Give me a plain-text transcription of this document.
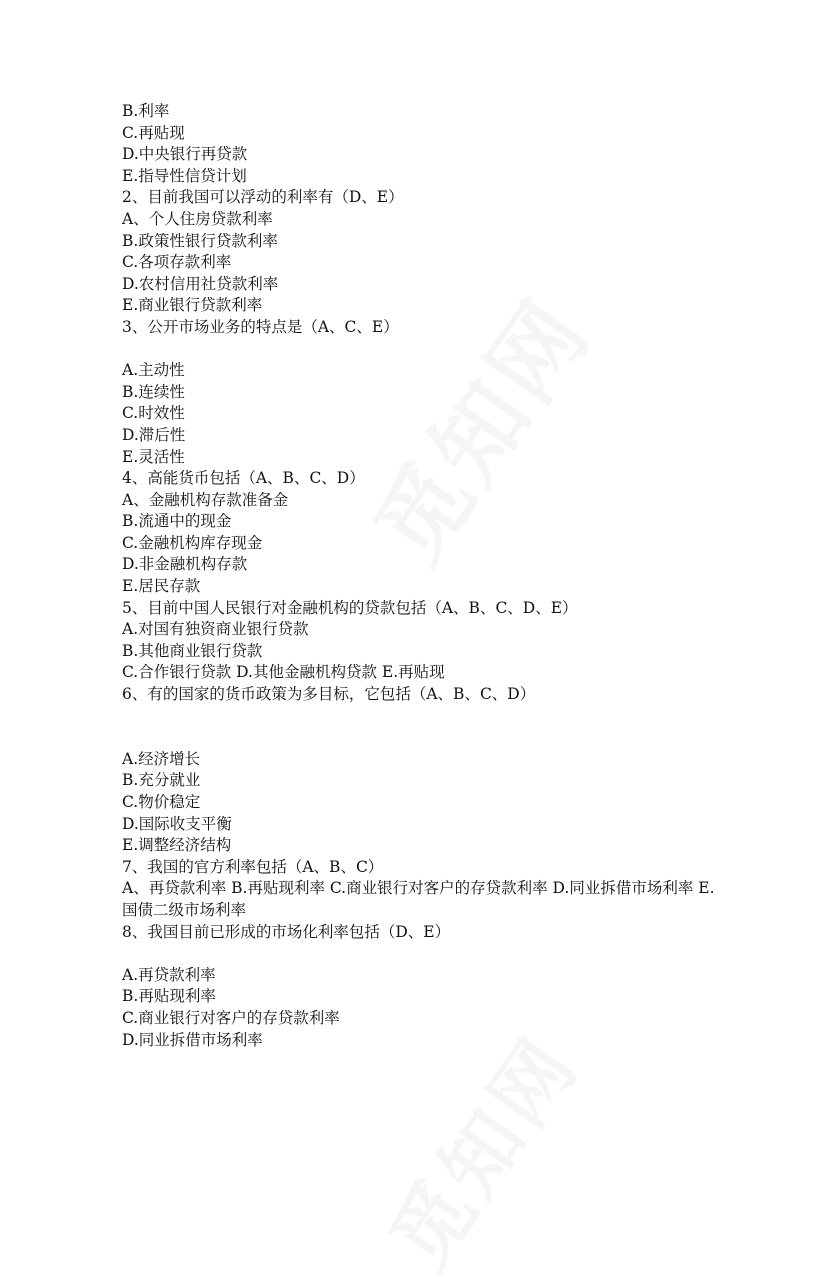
觅知网
觅知网
B.利率
C.再贴现
D.中央银行再贷款
E.指导性信贷计划
2、目前我国可以浮动的利率有（D、E）
A、个人住房贷款利率
B.政策性银行贷款利率
C.各项存款利率
D.农村信用社贷款利率
E.商业银行贷款利率
3、公开市场业务的特点是（A、C、E）
A.主动性
B.连续性
C.时效性
D.滞后性
E.灵活性
4、高能货币包括（A、B、C、D）
A、金融机构存款准备金
B.流通中的现金
C.金融机构库存现金
D.非金融机构存款
E.居民存款
5、目前中国人民银行对金融机构的贷款包括（A、B、C、D、E）
A.对国有独资商业银行贷款
B.其他商业银行贷款
C.合作银行贷款 D.其他金融机构贷款 E.再贴现
6、有的国家的货币政策为多目标，它包括（A、B、C、D）
A.经济增长
B.充分就业
C.物价稳定
D.国际收支平衡
E.调整经济结构
7、我国的官方利率包括（A、B、C）
A、再贷款利率 B.再贴现利率 C.商业银行对客户的存贷款利率 D.同业拆借市场利率 E.国债二级市场利率
8、我国目前已形成的市场化利率包括（D、E）
A.再贷款利率
B.再贴现利率
C.商业银行对客户的存贷款利率
D.同业拆借市场利率
